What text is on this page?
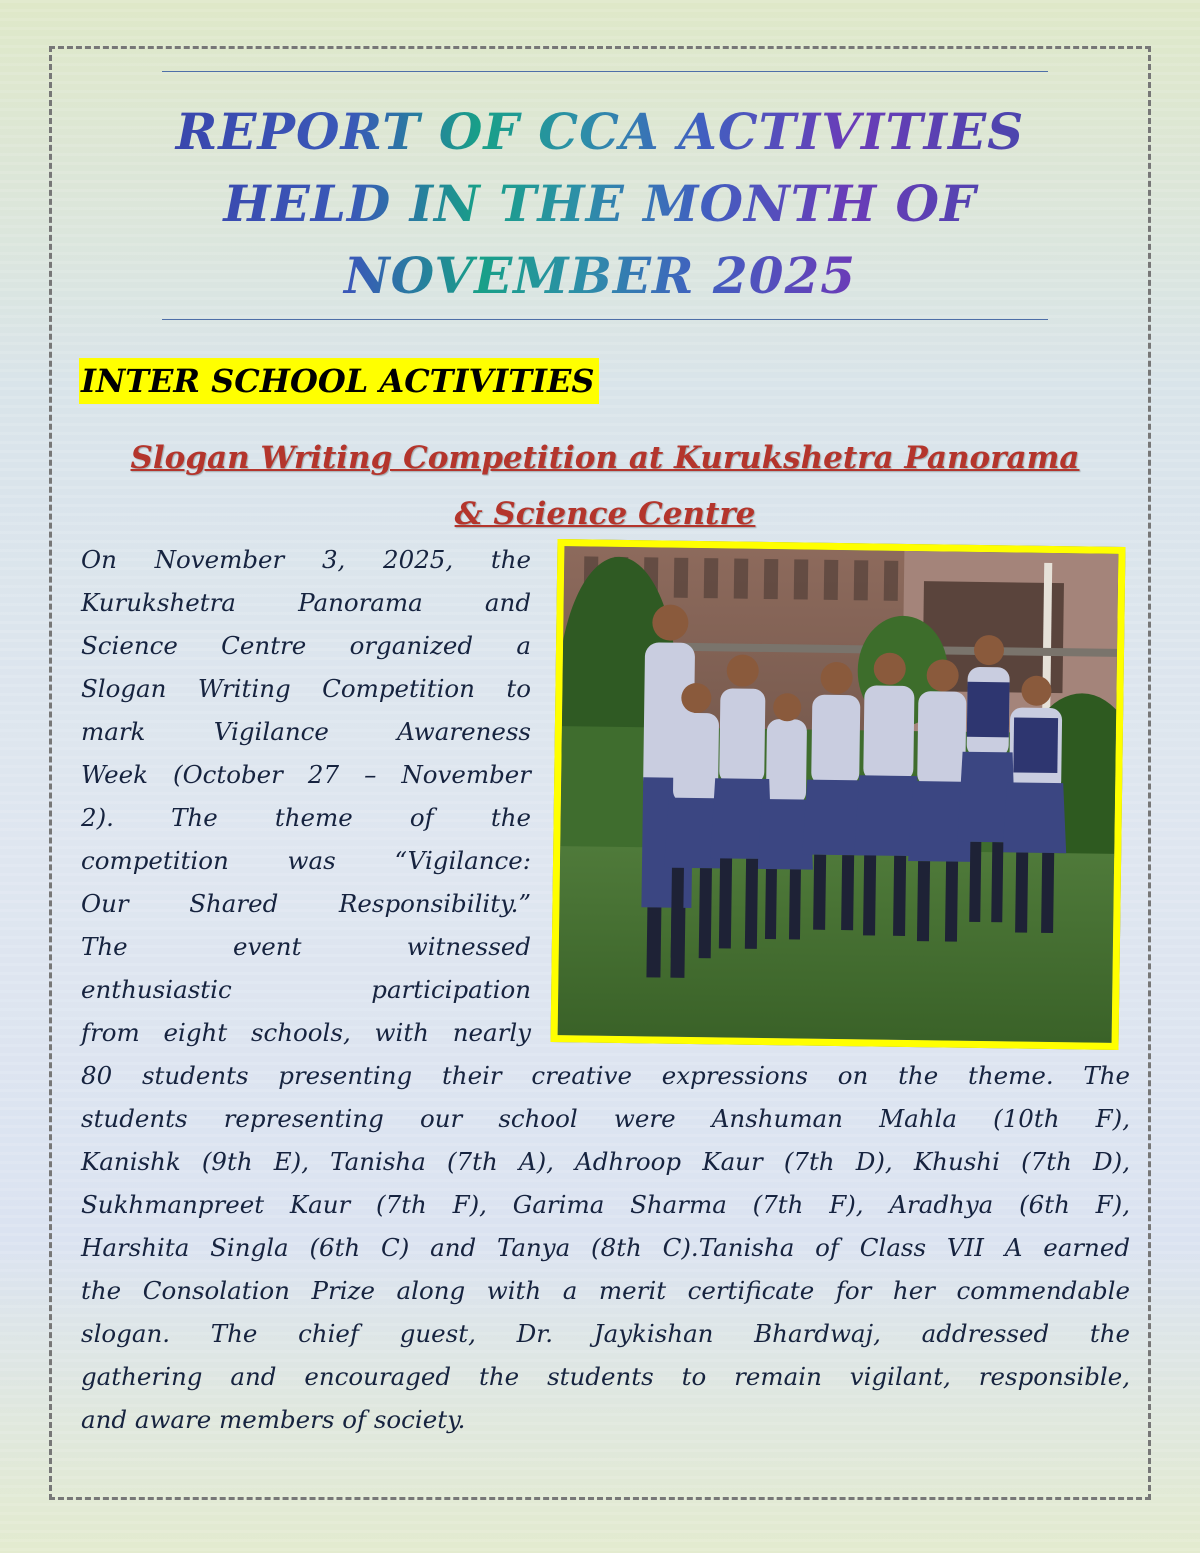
REPORT OF CCA ACTIVITIES
HELD IN THE MONTH OF
NOVEMBER 2025
INTER SCHOOL ACTIVITIES
Slogan Writing Competition at Kurukshetra Panorama
& Science Centre
On November 3, 2025, the
Kurukshetra Panorama and
Science Centre organized a
Slogan Writing Competition to
mark Vigilance Awareness
Week (October 27 – November
2). The theme of the
competition was “Vigilance:
Our Shared Responsibility.”
The event witnessed
enthusiastic participation
from eight schools, with nearly
80 students presenting their creative expressions on the theme. The
students representing our school were Anshuman Mahla (10th F),
Kanishk (9th E), Tanisha (7th A), Adhroop Kaur (7th D), Khushi (7th D),
Sukhmanpreet Kaur (7th F), Garima Sharma (7th F), Aradhya (6th F),
Harshita Singla (6th C) and Tanya (8th C).Tanisha of Class VII A earned
the Consolation Prize along with a merit certificate for her commendable
slogan. The chief guest, Dr. Jaykishan Bhardwaj, addressed the
gathering and encouraged the students to remain vigilant, responsible,
and aware members of society.
